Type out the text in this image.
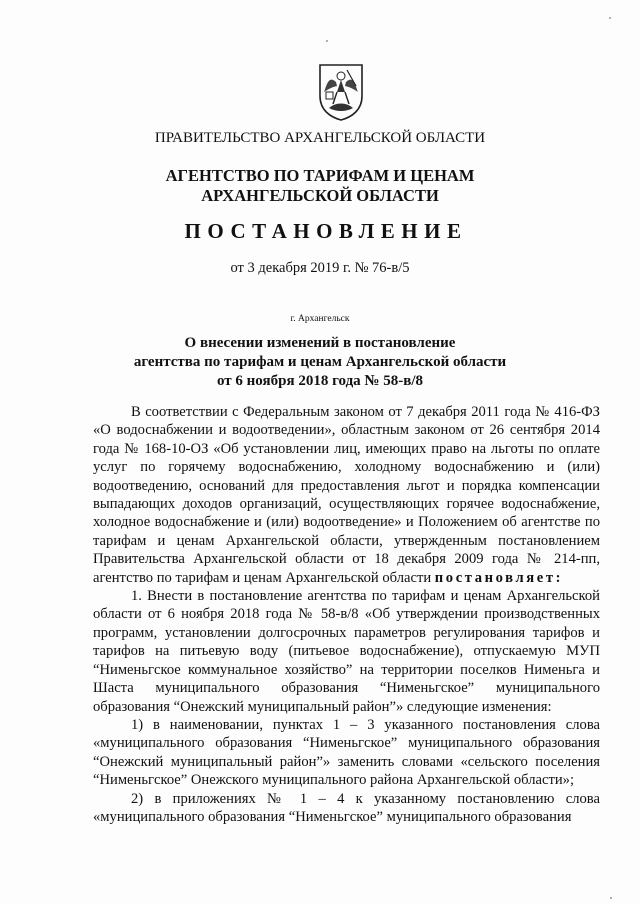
ПРАВИТЕЛЬСТВО АРХАНГЕЛЬСКОЙ ОБЛАСТИ
АГЕНТСТВО ПО ТАРИФАМ И ЦЕНАМ
АРХАНГЕЛЬСКОЙ ОБЛАСТИ
ПОСТАНОВЛЕНИЕ
от 3 декабря 2019 г. № 76-в/5
г. Архангельск
О внесении изменений в постановление
агентства по тарифам и ценам Архангельской области
от 6 ноября 2018 года № 58-в/8

В соответствии с Федеральным законом от 7 декабря 2011 года № 416-ФЗ «О водоснабжении и водоотведении», областным законом от 26 сентября 2014 года № 168-10-ОЗ «Об установлении лиц, имеющих право на льготы по оплате услуг по горячему водоснабжению, холодному водоснабжению и (или) водоотведению, оснований для предоставления льгот и порядка компенсации выпадающих доходов организаций, осуществляющих горячее водоснабжение, холодное водоснабжение и (или) водоотведение» и Положением об агентстве по тарифам и ценам Архангельской области, утвержденным постановлением Правительства Архангельской области от 18 декабря 2009 года № 214-пп, агентство по тарифам и ценам Архангельской области постановляет:

1. Внести в постановление агентства по тарифам и ценам Архангельской области от 6 ноября 2018 года № 58-в/8 «Об утверждении производственных программ, установлении долгосрочных параметров регулирования тарифов и тарифов на питьевую воду (питьевое водоснабжение), отпускаемую МУП “Нименьгское коммунальное хозяйство” на территории поселков Нименьга и Шаста муниципального образования “Нименьгское” муниципального образования “Онежский муниципальный район”» следующие изменения:

1) в наименовании, пунктах 1 – 3 указанного постановления слова «муниципального образования “Нименьгское” муниципального образования “Онежский муниципальный район”» заменить словами «сельского поселения “Нименьгское” Онежского муниципального района Архангельской области»;

2) в приложениях № 1 – 4 к указанному постановлению слова «муниципального образования “Нименьгское” муниципального образования
